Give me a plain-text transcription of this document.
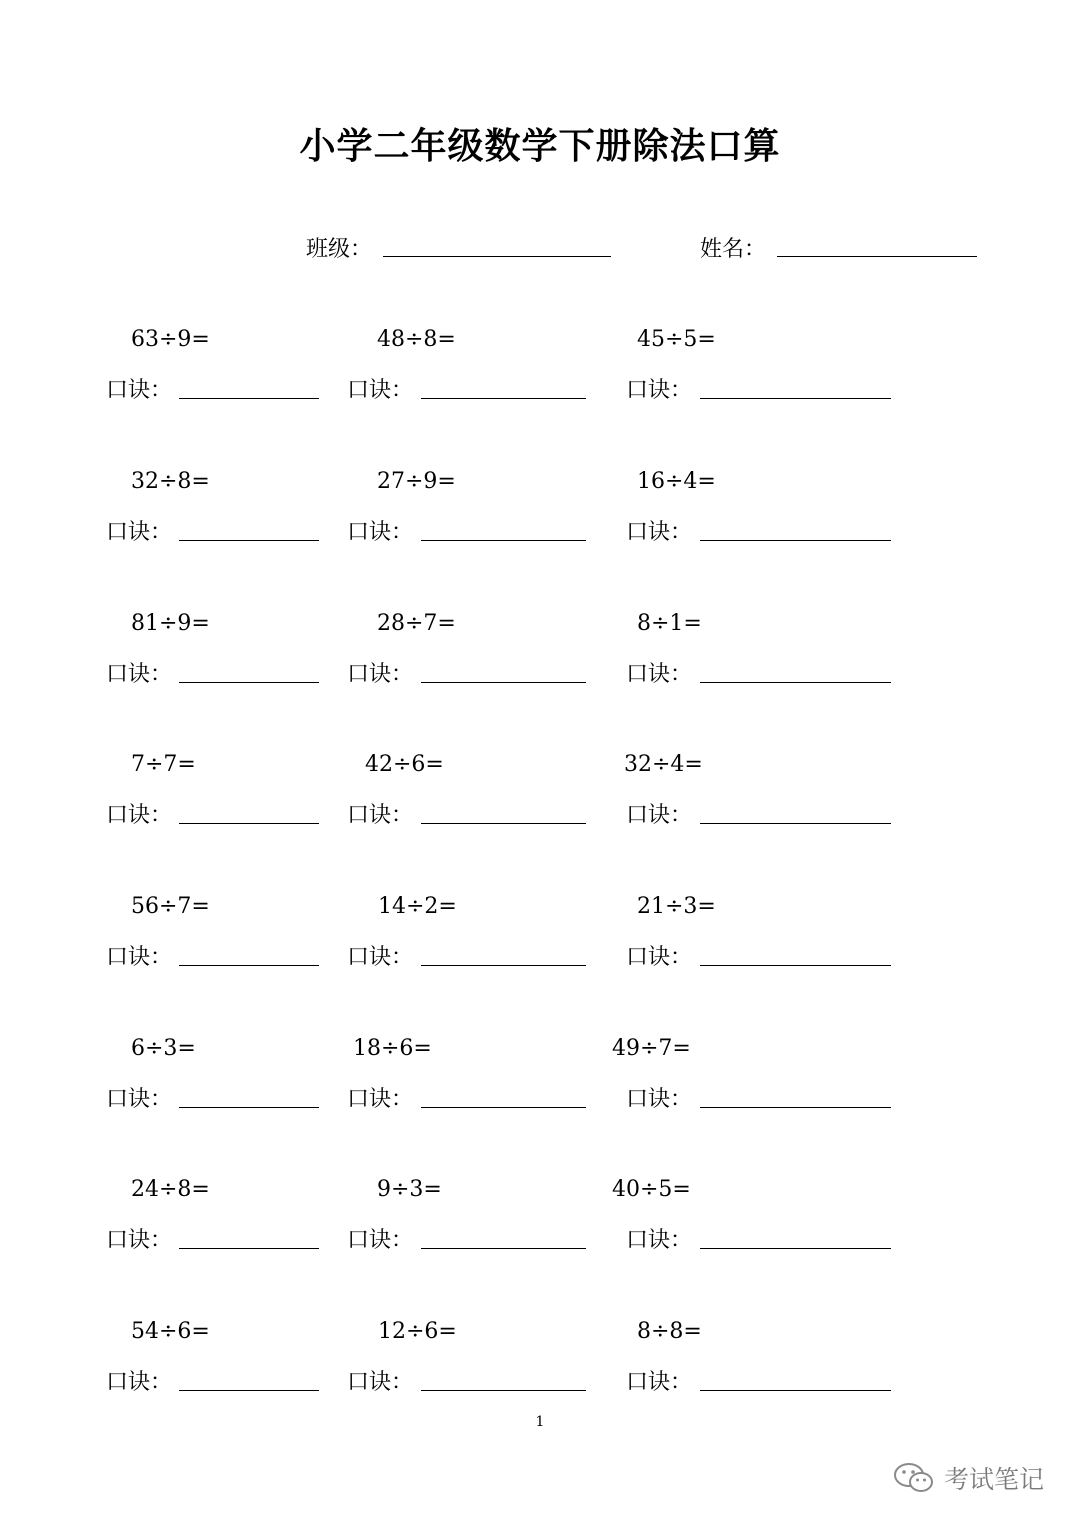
小学二年级数学下册除法口算
班级：	姓名：
63÷9=
口诀：
48÷8=
口诀：
45÷5=
口诀：
32÷8=
口诀：
27÷9=
口诀：
16÷4=
口诀：
81÷9=
口诀：
28÷7=
口诀：
8÷1=
口诀：
7÷7=
口诀：
42÷6=
口诀：
32÷4=
口诀：
56÷7=
口诀：
14÷2=
口诀：
21÷3=
口诀：
6÷3=
口诀：
18÷6=
口诀：
49÷7=
口诀：
24÷8=
口诀：
9÷3=
口诀：
40÷5=
口诀：
54÷6=
口诀：
12÷6=
口诀：
8÷8=
口诀：
1
考试笔记
